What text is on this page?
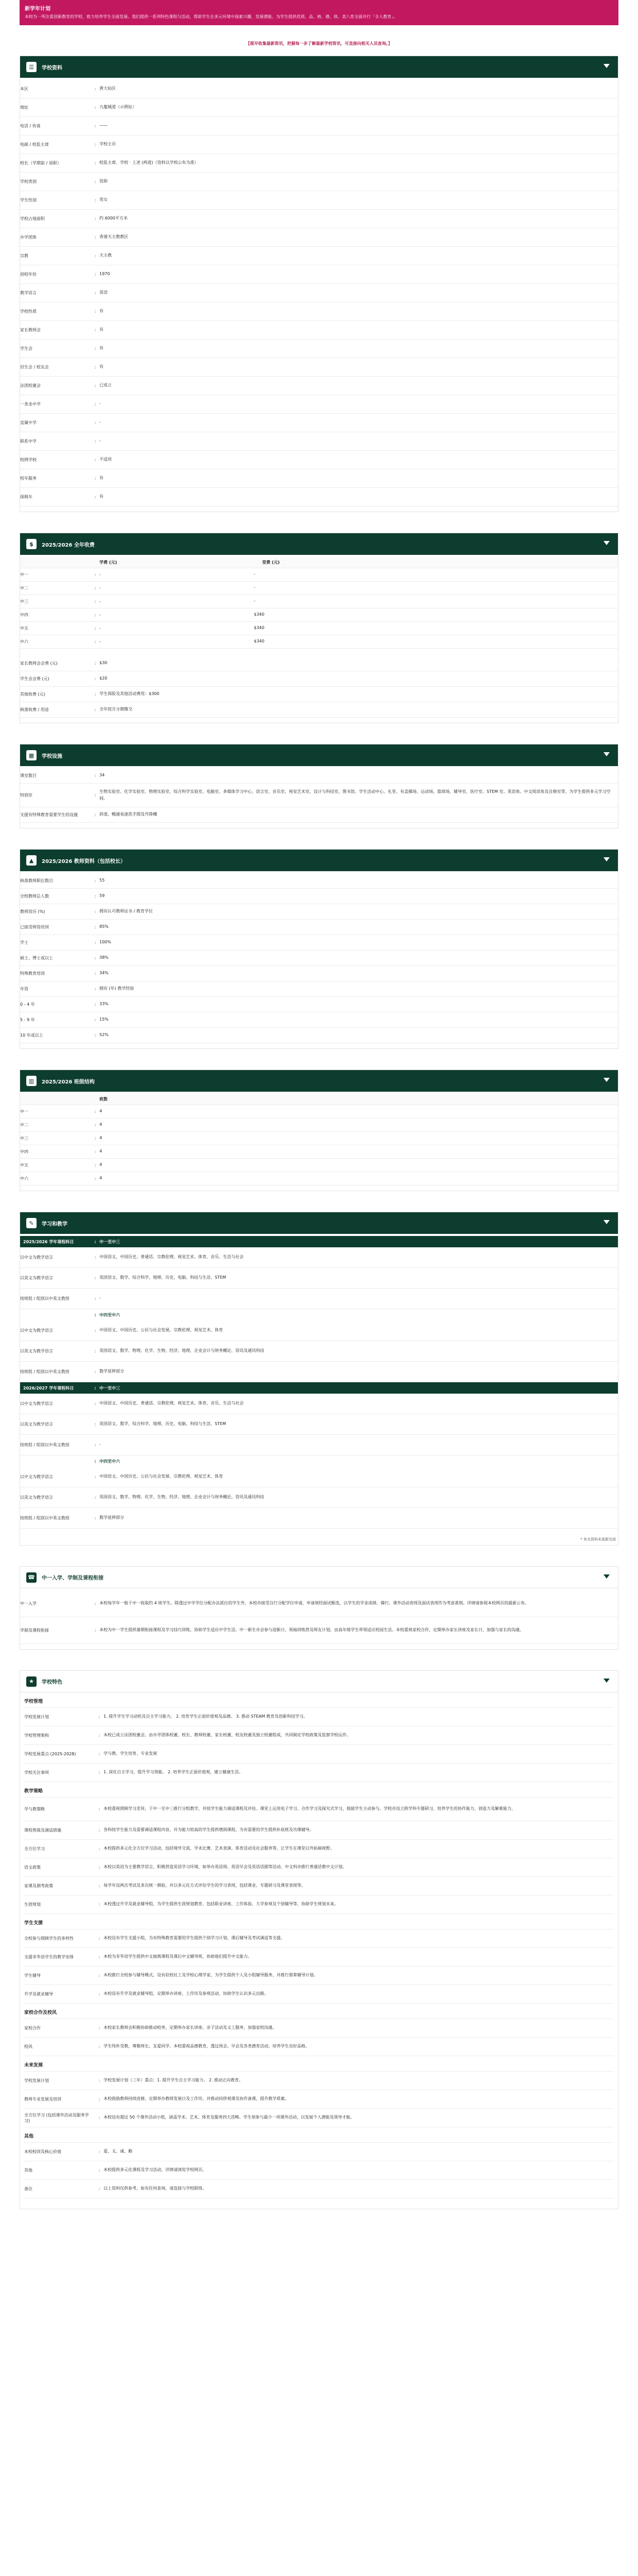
新学年计划
本校为一所注重创新教育的学校，致力培养学生全面发展。我们提供一系列特色课程与活动，帮助学生在多元环境中探索兴趣、发展潜能。为学生提供优质、品、格、德、体、美八育全面并行「全人教育」。
【提早收集最新资讯，把握每一步了解最新学校资讯，可直接向相关人员查询。】
☰	学校资料
本区	: 黄大仙区
地址	: 九龍城道（示例址）
电话 / 传真	: ——
电邮 / 校监主席	: 学校主页
校长（学期前 / 退职）	: 校监主席、学校 · 上述 (两道)（资料以学校公布为准）
学校类别	: 资助
学生性别	: 男女
学校占地面积	: 约 6000平方米
办学团体	: 香港天主教教区
宗教	: 天主教
创校年份	: 1970
教学语言	: 英语
学校性质	: 有
家长教师会	: 有
学生会	: 有
旧生会 / 校友会	: 有
法团校董会	: 已成立
一条龙中学	: -
直属中学	: -
联系中学	: -
校网学校	: 不适用
校车服务	: 有
保姆车	: 有
$	2025/2026 全年收费
学费 (元)	堂费 (元)
中一	: -	-
中二	: -	-
中三	: -	-
中四	: -	$340
中五	: -	$340
中六	: -	$340
家长教师会会费 (元)	: $30
学生会会费 (元)	: $20
其他收费 (元)	: 学生保险及其他活动费用：$300
核准收费 / 用途	: 全年按月分期缴交
▦	学校设施
课室数目	: 34
特别室	:
生物实验室、化学实验室、物理实验室、综合科学实验室、电脑室、多媒体学习中心、语言室、音乐室、视觉艺术室、设计与科技室、图书馆、学生活动中心、礼堂、有盖操场、运动场、篮球场、辅导室、医疗室、STEM 室、英语角、中文阅读角及自修室等，为学生提供多元学习空间。
支援有特殊教育需要学生的设施	: 斜道、暢通易達洗手間及升降機
▲	2025/2026 教师资料（包括校长）
核准教师职位数目	: 55
全校教师总人数	: 59
教师资历 (%)	: 拥有认可教师证书 / 教育学位
已接受师资培训	: 85%
学士	: 100%
硕士、博士或以上	: 38%
特殊教育培训	: 34%
年资	: 拥有 (年) 教学经验
0 - 4 年	: 33%
5 - 9 年	: 15%
10 年或以上	: 52%
▥	2025/2026 班级结构
班数
中一	: 4
中二	: 4
中三	: 4
中四	: 4
中五	: 4
中六	: 4
✎	学习和教学
2025/2026 学年课程科目	: 中一至中三
以中文为教学语言	: 中国语文、中国历史、普通话、宗教伦理、视觉艺术、体育、音乐、生活与社会
以英文为教学语言	: 英国语文、数学、综合科学、地理、历史、电脑、科技与生活、STEM
按班组 / 组别以中英文教授	: -
: 中四至中六
以中文为教学语言	: 中国语文、中国历史、公民与社会发展、宗教伦理、视觉艺术、体育
以英文为教学语言	: 英国语文、数学、物理、化学、生物、经济、地理、企业会计与财务概论、资讯及通讯科技
按班组 / 组别以中英文教授	: 数学延伸部分
2026/2027 学年课程科目	: 中一至中三
以中文为教学语言	: 中国语文、中国历史、普通话、宗教伦理、视觉艺术、体育、音乐、生活与社会
以英文为教学语言	: 英国语文、数学、综合科学、地理、历史、电脑、科技与生活、STEM
按班组 / 组别以中英文教授	: -
: 中四至中六
以中文为教学语言	: 中国语文、中国历史、公民与社会发展、宗教伦理、视觉艺术、体育
以英文为教学语言	: 英国语文、数学、物理、化学、生物、经济、地理、企业会计与财务概论、资讯及通讯科技
按班组 / 组别以中英文教授	: 数学延伸部分
* 有关资料未更新完成
☎	中一入学、学制及课程衔接
中一入学	: 本校每学年一般于中一收取约 4 班学生。除透过中学学位分配办法派位的学生外，本校亦接受自行分配学位申请，申请须经面试甄选，以学生的学业成绩、操行、课外活动表现及面试表现作为考虑准则。详情请参阅本校网页的最新公布。
学制及课程衔接	: 本校为中一学生提供暑期衔接课程及学习技巧训练，协助学生适应中学生活。中一新生亦会参与迎新日、领袖训练营及师友计划，由高年级学生带领适应校园生活。本校重视家校合作，定期举办家长讲座及家长日，加强与家长的沟通。
★	学校特色
学校管理
学校发展计划	: 1. 提升学生学习动机及自主学习能力。 2. 培育学生正面价值观及品德。 3. 推动 STEAM 教育及创新科技学习。
学校管理架构	: 本校已成立法团校董会，由办学团体校董、校长、教师校董、家长校董、校友校董及独立校董组成，共同制定学校政策及监察学校运作。
学校发展重点 (2025-2028)	: 学与教、学生培育、专业发展
学校关注事项	: 1. 深化自主学习，提升学习效能。 2. 培养学生正面价值观，建立健康生活。
教学策略
学与教策略	: 本校重视照顾学习差异，于中一至中三推行分组教学，并按学生能力调适课程及评估。课堂上运用电子学习、合作学习及探究式学习，鼓励学生主动参与。学校亦设立跨学科专题研习，培养学生的协作能力、创造力及解难能力。
课程剪裁及调适措施	: 各科按学生能力及需要调适课程内容，并为能力较高的学生提供增润课程，为有需要的学生提供补底班及功课辅导。
全方位学习	: 本校提供多元化全方位学习活动，包括境外交流、学术比赛、艺术表演、体育活动及社会服务等，让学生在课堂以外拓阔视野。
语文政策	: 本校以英语为主要教学语言，积极营造英语学习环境，如举办英语周、英语早会及英语话剧等活动。中文科亦推行普通话教中文计划。
家课及测考政策	: 每学年设两次考试及多次统一测验，并以多元化方式评估学生的学习表现，包括课业、专题研习及课堂表现等。
生涯规划	: 本校透过升学及就业辅导组，为学生提供生涯规划教育，包括职业讲座、工作体验、大学参观及个别辅导等，协助学生规划未来。
学生支援
全校参与照顾学生的多样性	: 本校设有学生支援小组，为有特殊教育需要的学生提供个别学习计划、课后辅导及考试调适等支援。
支援非华语学生的教学安排	: 本校为非华语学生提供中文抽离课程及课后中文辅导班，协助他们提升中文能力。
学生辅导	: 本校推行全校参与辅导模式，设有驻校社工及学校心理学家，为学生提供个人及小组辅导服务，并推行朋辈辅导计划。
升学及就业辅导	: 本校设有升学及就业辅导组，定期举办讲座、工作坊及参观活动，协助学生认识多元出路。
家校合作及校风
家校合作	: 本校家长教师会积极协助推动校务，定期举办家长讲座、亲子活动及义工服务，加强家校沟通。
校风	: 学生纯朴受教，尊敬师长，友爱同学。本校重视品德教育，透过周会、早会及各类德育活动，培养学生良好品格。
未来发展
学校发展计划	: 学校发展计划（三年）重点：1. 提升学生自主学习能力。 2. 推动正向教育。
教师专业发展及培训	: 本校鼓励教师持续进修，定期举办教师发展日及工作坊，并推动同侪观课及协作备课，提升教学质素。
全方位学习 (包括课外活动及服务学习)
: 本校设有超过 50 个课外活动小组，涵盖学术、艺术、体育及服务四大范畴。学生须参与最少一项课外活动，以发展个人潜能及领导才能。
其他
本校校训及核心价值	: 爱、义、诚、勤
其他	: 本校提供多元化课程及学习活动，详情请浏览学校网页。
备注	: 以上资料仅供参考，如有任何查询，请直接与学校联络。
